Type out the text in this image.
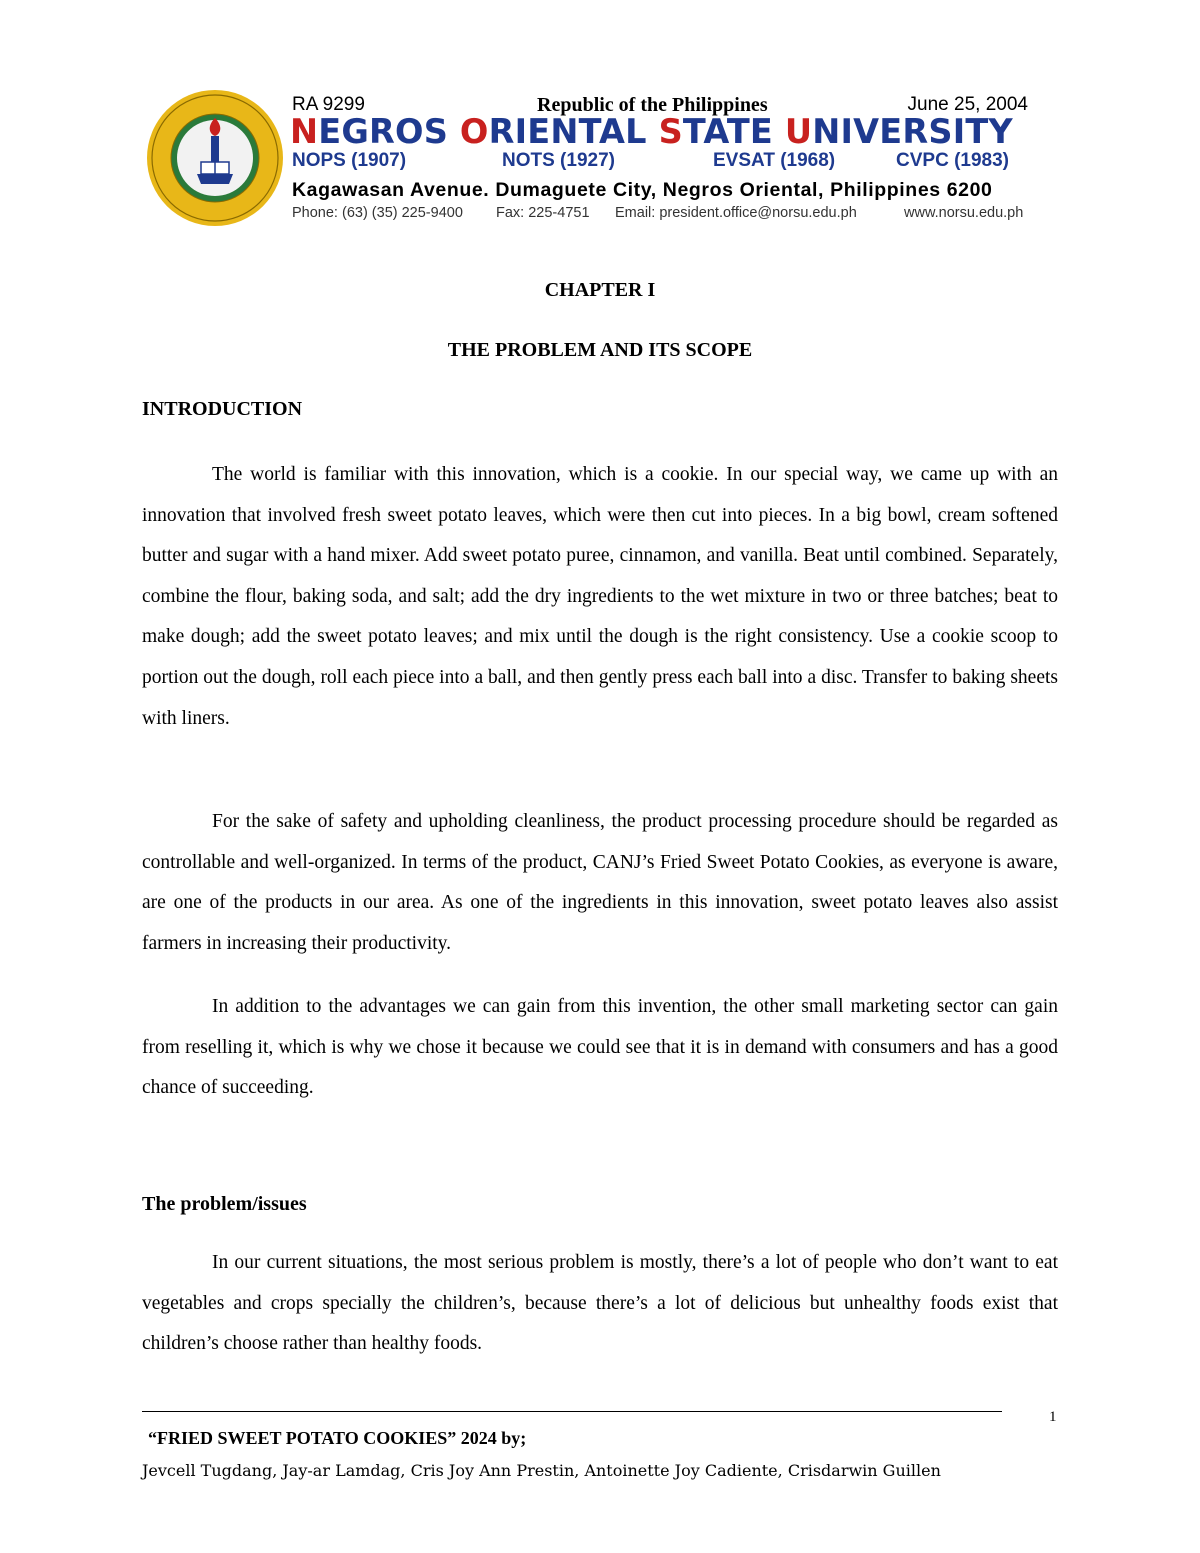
RA 9299	Republic of the Philippines	June 25, 2004
NEGROS ORIENTAL STATE UNIVERSITY
NOPS (1907)	NOTS (1927)	EVSAT (1968)	CVPC (1983)
Kagawasan Avenue. Dumaguete City, Negros Oriental, Philippines 6200
Phone: (63) (35) 225-9400 Fax: 225-4751 Email: president.office@norsu.edu.ph	www.norsu.edu.ph
CHAPTER I
THE PROBLEM AND ITS SCOPE
INTRODUCTION

The world is familiar with this innovation, which is a cookie. In our special way, we came up with an innovation that involved fresh sweet potato leaves, which were then cut into pieces. In a big bowl, cream softened butter and sugar with a hand mixer. Add sweet potato puree, cinnamon, and vanilla. Beat until combined. Separately, combine the flour, baking soda, and salt; add the dry ingredients to the wet mixture in two or three batches; beat to make dough; add the sweet potato leaves; and mix until the dough is the right consistency. Use a cookie scoop to portion out the dough, roll each piece into a ball, and then gently press each ball into a disc. Transfer to baking sheets with liners.

For the sake of safety and upholding cleanliness, the product processing procedure should be regarded as controllable and well-organized. In terms of the product, CANJ’s Fried Sweet Potato Cookies, as everyone is aware, are one of the products in our area. As one of the ingredients in this innovation, sweet potato leaves also assist farmers in increasing their productivity.

In addition to the advantages we can gain from this invention, the other small marketing sector can gain from reselling it, which is why we chose it because we could see that it is in demand with consumers and has a good chance of succeeding.

The problem/issues

In our current situations, the most serious problem is mostly, there’s a lot of people who don’t want to eat vegetables and crops specially the children’s, because there’s a lot of delicious but unhealthy foods exist that children’s choose rather than healthy foods.

1
“FRIED SWEET POTATO COOKIES” 2024 by;
Jevcell Tugdang, Jay-ar Lamdag, Cris Joy Ann Prestin, Antoinette Joy Cadiente, Crisdarwin Guillen
